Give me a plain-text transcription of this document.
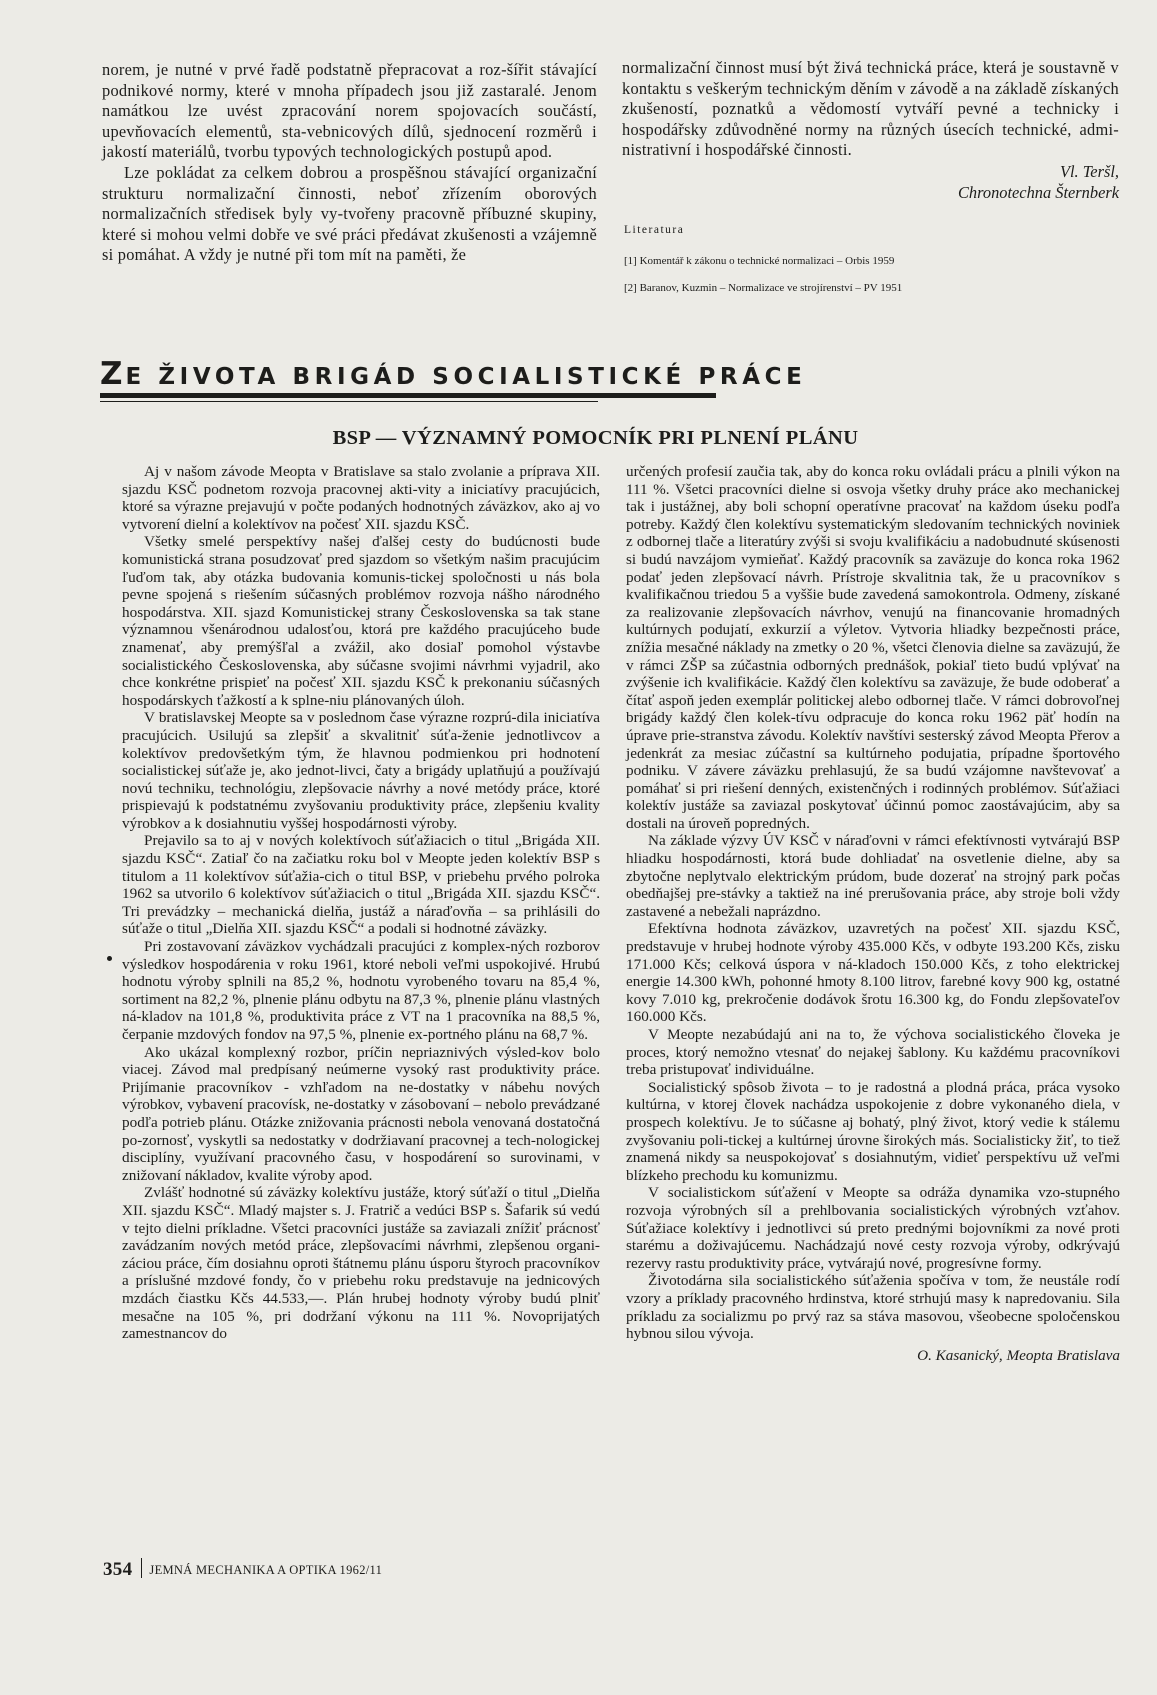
norem, je nutné v prvé řadě podstatně přepracovat a roz-šířit stávající podnikové normy, které v mnoha případech jsou již zastaralé. Jenom namátkou lze uvést zpracování norem spojovacích součástí, upevňovacích elementů, sta-vebnicových dílů, sjednocení rozměrů i jakostí materiálů, tvorbu typových technologických postupů apod.

Lze pokládat za celkem dobrou a prospěšnou stávající organizační strukturu normalizační činnosti, neboť zřízením oborových normalizačních středisek byly vy-tvořeny pracovně příbuzné skupiny, které si mohou velmi dobře ve své práci předávat zkušenosti a vzájemně si pomáhat. A vždy je nutné při tom mít na paměti, že

normalizační činnost musí být živá technická práce, která je soustavně v kontaktu s veškerým technickým děním v závodě a na základě získaných zkušeností, poznatků a vědomostí vytváří pevné a technicky i hospodářsky zdůvodněné normy na různých úsecích technické, admi-nistrativní i hospodářské činnosti.

Vl. Teršl,

Chronotechna Šternberk

Literatura

[1] Komentář k zákonu o technické normalizaci – Orbis 1959

[2] Baranov, Kuzmin – Normalizace ve strojírenství – PV 1951

ZE ŽIVOTA BRIGÁD SOCIALISTICKÉ PRÁCE
BSP — VÝZNAMNÝ POMOCNÍK PRI PLNENÍ PLÁNU

Aj v našom závode Meopta v Bratislave sa stalo zvolanie a príprava XII. sjazdu KSČ podnetom rozvoja pracovnej akti-vity a iniciatívy pracujúcich, ktoré sa výrazne prejavujú v počte podaných hodnotných záväzkov, ako aj vo vytvorení dielní a kolektívov na počesť XII. sjazdu KSČ.

Všetky smelé perspektívy našej ďalšej cesty do budúcnosti bude komunistická strana posudzovať pred sjazdom so všetkým našim pracujúcim ľuďom tak, aby otázka budovania komunis-tickej spoločnosti u nás bola pevne spojená s riešením súčasných problémov rozvoja nášho národného hospodárstva. XII. sjazd Komunistickej strany Československa sa tak stane významnou všenárodnou udalosťou, ktorá pre každého pracujúceho bude znamenať, aby premýšľal a zvážil, ako dosiaľ pomohol výstavbe socialistického Československa, aby súčasne svojimi návrhmi vyjadril, ako chce konkrétne prispieť na počesť XII. sjazdu KSČ k prekonaniu súčasných hospodárskych ťažkostí a k splne-niu plánovaných úloh.

V bratislavskej Meopte sa v poslednom čase výrazne rozprú-dila iniciatíva pracujúcich. Usilujú sa zlepšiť a skvalitniť súťa-ženie jednotlivcov a kolektívov predovšetkým tým, že hlavnou podmienkou pri hodnotení socialistickej súťaže je, ako jednot-livci, čaty a brigády uplatňujú a používajú novú techniku, technológiu, zlepšovacie návrhy a nové metódy práce, ktoré prispievajú k podstatnému zvyšovaniu produktivity práce, zlepšeniu kvality výrobkov a k dosiahnutiu vyššej hospodárnosti výroby.

Prejavilo sa to aj v nových kolektívoch súťažiacich o titul „Brigáda XII. sjazdu KSČ“. Zatiaľ čo na začiatku roku bol v Meopte jeden kolektív BSP s titulom a 11 kolektívov súťažia-cich o titul BSP, v priebehu prvého polroka 1962 sa utvorilo 6 kolektívov súťažiacich o titul „Brigáda XII. sjazdu KSČ“. Tri prevádzky – mechanická dielňa, justáž a náraďovňa – sa prihlásili do súťaže o titul „Dielňa XII. sjazdu KSČ“ a podali si hodnotné záväzky.

Pri zostavovaní záväzkov vychádzali pracujúci z komplex-ných rozborov výsledkov hospodárenia v roku 1961, ktoré neboli veľmi uspokojivé. Hrubú hodnotu výroby splnili na 85,2 %, hodnotu vyrobeného tovaru na 85,4 %, sortiment na 82,2 %, plnenie plánu odbytu na 87,3 %, plnenie plánu vlastných ná-kladov na 101,8 %, produktivita práce z VT na 1 pracovníka na 88,5 %, čerpanie mzdových fondov na 97,5 %, plnenie ex-portného plánu na 68,7 %.

Ako ukázal komplexný rozbor, príčin nepriaznivých výsled-kov bolo viacej. Závod mal predpísaný neúmerne vysoký rast produktivity práce. Prijímanie pracovníkov - vzhľadom na ne-dostatky v nábehu nových výrobkov, vybavení pracovísk, ne-dostatky v zásobovaní – nebolo prevádzané podľa potrieb plánu. Otázke znižovania prácnosti nebola venovaná dostatočná po-zornosť, vyskytli sa nedostatky v dodržiavaní pracovnej a tech-nologickej disciplíny, využívaní pracovného času, v hospodárení so surovinami, v znižovaní nákladov, kvalite výroby apod.

Zvlášť hodnotné sú záväzky kolektívu justáže, ktorý súťaží o titul „Dielňa XII. sjazdu KSČ“. Mladý majster s. J. Fratrič a vedúci BSP s. Šafarik sú vedú v tejto dielni príkladne. Všetci pracovníci justáže sa zaviazali znížiť prácnosť zavádzaním nových metód práce, zlepšovacími návrhmi, zlepšenou organi-záciou práce, čím dosiahnu oproti štátnemu plánu úsporu štyroch pracovníkov a príslušné mzdové fondy, čo v priebehu roku predstavuje na jednicových mzdách čiastku Kčs 44.533,—. Plán hrubej hodnoty výroby budú plniť mesačne na 105 %, pri dodržaní výkonu na 111 %. Novoprijatých zamestnancov do

určených profesií zaučia tak, aby do konca roku ovládali prácu a plnili výkon na 111 %. Všetci pracovníci dielne si osvoja všetky druhy práce ako mechanickej tak i justážnej, aby boli schopní operatívne pracovať na každom úseku podľa potreby. Každý člen kolektívu systematickým sledovaním technických noviniek z odbornej tlače a literatúry zvýši si svoju kvalifikáciu a nadobudnuté skúsenosti si budú navzájom vymieňať. Každý pracovník sa zaväzuje do konca roka 1962 podať jeden zlepšovací návrh. Prístroje skvalitnia tak, že u pracovníkov s kvalifikačnou triedou 5 a vyššie bude zavedená samokontrola. Odmeny, získané za realizovanie zlepšovacích návrhov, venujú na financovanie hromadných kultúrnych podujatí, exkurzií a výletov. Vytvoria hliadky bezpečnosti práce, znížia mesačné náklady na zmetky o 20 %, všetci členovia dielne sa zaväzujú, že v rámci ZŠP sa zúčastnia odborných prednášok, pokiaľ tieto budú vplývať na zvýšenie ich kvalifikácie. Každý člen kolektívu sa zaväzuje, že bude odoberať a čítať aspoň jeden exemplár politickej alebo odbornej tlače. V rámci dobrovoľnej brigády každý člen kolek-tívu odpracuje do konca roku 1962 päť hodín na úprave prie-stranstva závodu. Kolektív navštívi sesterský závod Meopta Přerov a jedenkrát za mesiac zúčastní sa kultúrneho podujatia, prípadne športového podniku. V závere záväzku prehlasujú, že sa budú vzájomne navštevovať a pomáhať si pri riešení denných, existenčných i rodinných problémov. Súťažiaci kolektív justáže sa zaviazal poskytovať účinnú pomoc zaostávajúcim, aby sa dostali na úroveň popredných.

Na základe výzvy ÚV KSČ v náraďovni v rámci efektívnosti vytvárajú BSP hliadku hospodárnosti, ktorá bude dohliadať na osvetlenie dielne, aby sa zbytočne neplytvalo elektrickým prúdom, bude dozerať na strojný park počas obedňajšej pre-stávky a taktiež na iné prerušovania práce, aby stroje boli vždy zastavené a nebežali naprázdno.

Efektívna hodnota záväzkov, uzavretých na počesť XII. sjazdu KSČ, predstavuje v hrubej hodnote výroby 435.000 Kčs, v odbyte 193.200 Kčs, zisku 171.000 Kčs; celková úspora v ná-kladoch 150.000 Kčs, z toho elektrickej energie 14.300 kWh, pohonné hmoty 8.100 litrov, farebné kovy 900 kg, ostatné kovy 7.010 kg, prekročenie dodávok šrotu 16.300 kg, do Fondu zlepšovateľov 160.000 Kčs.

V Meopte nezabúdajú ani na to, že výchova socialistického človeka je proces, ktorý nemožno vtesnať do nejakej šablony. Ku každému pracovníkovi treba pristupovať individuálne.

Socialistický spôsob života – to je radostná a plodná práca, práca vysoko kultúrna, v ktorej človek nachádza uspokojenie z dobre vykonaného diela, v prospech kolektívu. Je to súčasne aj bohatý, plný život, ktorý vedie k stálemu zvyšovaniu poli-tickej a kultúrnej úrovne širokých más. Socialisticky žiť, to tiež znamená nikdy sa neuspokojovať s dosiahnutým, vidieť perspektívu už veľmi blízkeho prechodu ku komunizmu.

V socialistickom súťažení v Meopte sa odráža dynamika vzo-stupného rozvoja výrobných síl a prehlbovania socialistických výrobných vzťahov. Súťažiace kolektívy i jednotlivci sú preto prednými bojovníkmi za nové proti starému a doživajúcemu. Nachádzajú nové cesty rozvoja výroby, odkrývajú rezervy rastu produktivity práce, vytvárajú nové, progresívne formy.

Životodárna sila socialistického súťaženia spočíva v tom, že neustále rodí vzory a príklady pracovného hrdinstva, ktoré strhujú masy k napredovaniu. Sila príkladu za socializmu po prvý raz sa stáva masovou, všeobecne spoločenskou hybnou silou vývoja.

O. Kasanický, Meopta Bratislava

354 JEMNÁ MECHANIKA A OPTIKA 1962/11
